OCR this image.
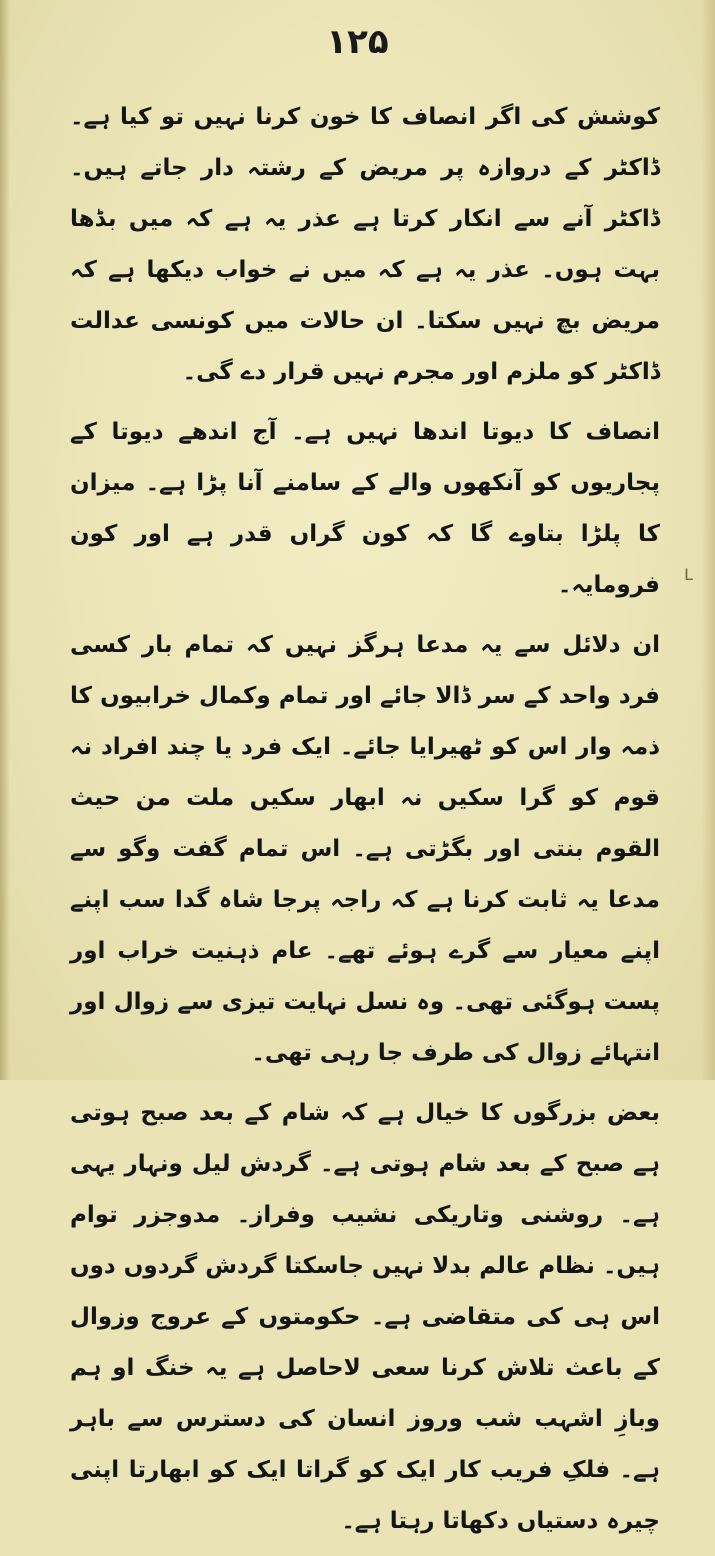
۱۲۵

کوشش کی اگر انصاف کا خون کرنا نہیں تو کیا ہے۔ ڈاکٹر کے دروازہ پر مریض کے رشتہ دار جاتے ہیں۔ ڈاکٹر آنے سے انکار کرتا ہے عذر یہ ہے کہ میں بڈھا بہت ہوں۔ عذر یہ ہے کہ میں نے خواب دیکھا ہے کہ مریض بچ نہیں سکتا۔ ان حالات میں کونسی عدالت ڈاکٹر کو ملزم اور مجرم نہیں قرار دے گی۔

انصاف کا دیوتا اندھا نہیں ہے۔ آج اندھے دیوتا کے پجاریوں کو آنکھوں والے کے سامنے آنا پڑا ہے۔ میزان کا پلڑا بتاوے گا کہ کون گراں قدر ہے اور کون فرومایہ۔

ان دلائل سے یہ مدعا ہرگز نہیں کہ تمام بار کسی فرد واحد کے سر ڈالا جائے اور تمام وکمال خرابیوں کا ذمہ وار اس کو ٹھیرایا جائے۔ ایک فرد یا چند افراد نہ قوم کو گرا سکیں نہ ابھار سکیں ملت من حیث القوم بنتی اور بگڑتی ہے۔ اس تمام گفت وگو سے مدعا یہ ثابت کرنا ہے کہ راجہ پرجا شاہ گدا سب اپنے اپنے معیار سے گرے ہوئے تھے۔ عام ذہنیت خراب اور پست ہوگئی تھی۔ وہ نسل نہایت تیزی سے زوال اور انتہائے زوال کی طرف جا رہی تھی۔

بعض بزرگوں کا خیال ہے کہ شام کے بعد صبح ہوتی ہے صبح کے بعد شام ہوتی ہے۔ گردش لیل ونہار یہی ہے۔ روشنی وتاریکی نشیب وفراز۔ مدوجزر توام ہیں۔ نظام عالم بدلا نہیں جاسکتا گردش گردوں دوں اس ہی کی متقاضی ہے۔ حکومتوں کے عروج وزوال کے باعث تلاش کرنا سعی لاحاصل ہے یہ خنگ او ہم وبازِ اشہب شب وروز انسان کی دسترس سے باہر ہے۔ فلکِ فریب کار ایک کو گراتا ایک کو ابھارتا اپنی چیرہ دستیاں دکھاتا رہتا ہے۔

L
